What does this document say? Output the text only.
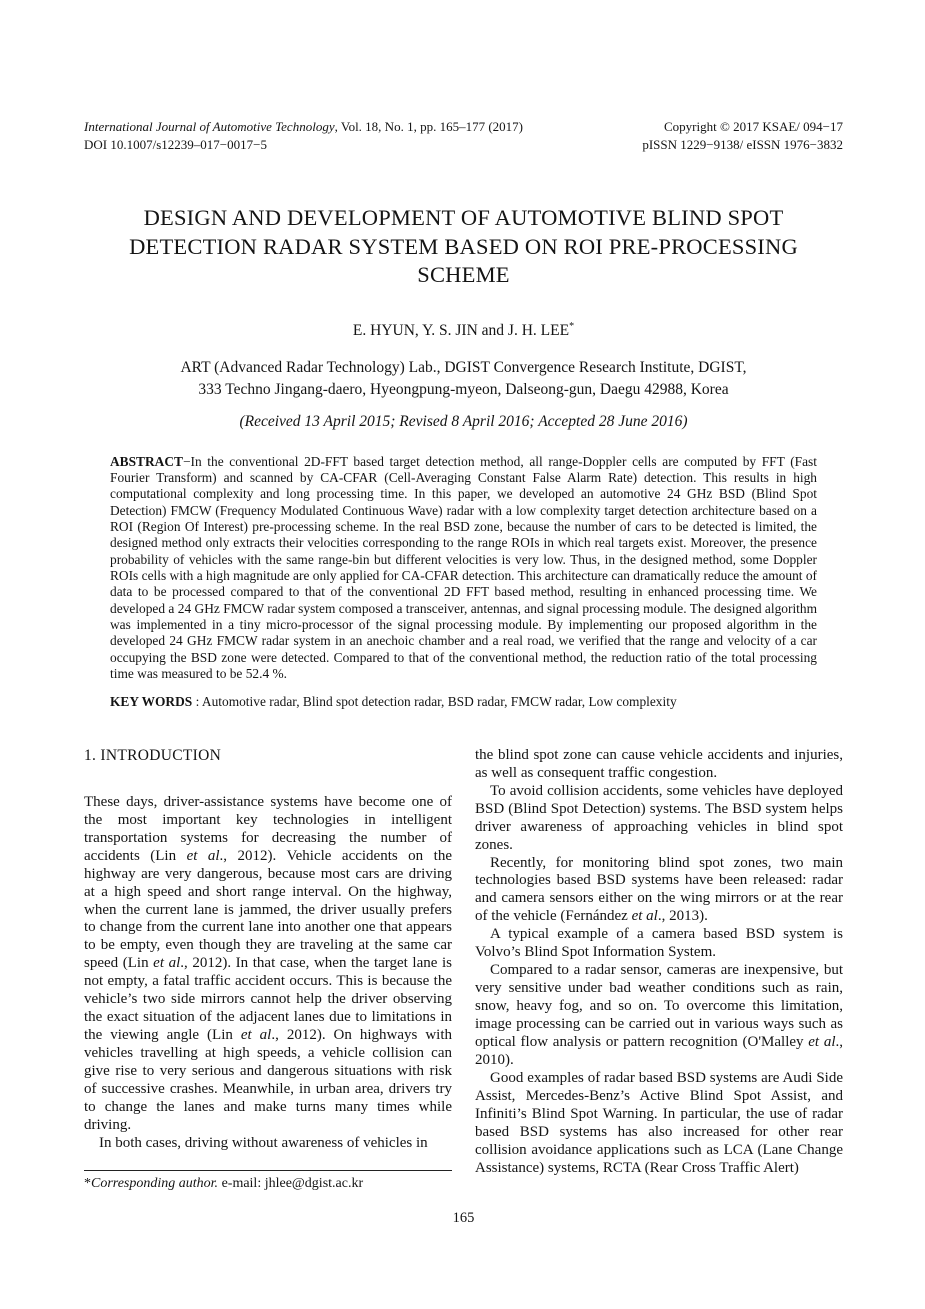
International Journal of Automotive Technology, Vol. 18, No. 1, pp. 165–177 (2017)
DOI 10.1007/s12239–017−0017−5
Copyright © 2017 KSAE/ 094−17
pISSN 1229−9138/ eISSN 1976−3832
DESIGN AND DEVELOPMENT OF AUTOMOTIVE BLIND SPOT DETECTION RADAR SYSTEM BASED ON ROI PRE-PROCESSING SCHEME
E. HYUN, Y. S. JIN and J. H. LEE*
ART (Advanced Radar Technology) Lab., DGIST Convergence Research Institute, DGIST,
333 Techno Jingang-daero, Hyeongpung-myeon, Dalseong-gun, Daegu 42988, Korea
(Received 13 April 2015; Revised 8 April 2016; Accepted 28 June 2016)
ABSTRACT−In the conventional 2D-FFT based target detection method, all range-Doppler cells are computed by FFT (Fast Fourier Transform) and scanned by CA-CFAR (Cell-Averaging Constant False Alarm Rate) detection. This results in high computational complexity and long processing time. In this paper, we developed an automotive 24 GHz BSD (Blind Spot Detection) FMCW (Frequency Modulated Continuous Wave) radar with a low complexity target detection architecture based on a ROI (Region Of Interest) pre-processing scheme. In the real BSD zone, because the number of cars to be detected is limited, the designed method only extracts their velocities corresponding to the range ROIs in which real targets exist. Moreover, the presence probability of vehicles with the same range-bin but different velocities is very low. Thus, in the designed method, some Doppler ROIs cells with a high magnitude are only applied for CA-CFAR detection. This architecture can dramatically reduce the amount of data to be processed compared to that of the conventional 2D FFT based method, resulting in enhanced processing time. We developed a 24 GHz FMCW radar system composed a transceiver, antennas, and signal processing module. The designed algorithm was implemented in a tiny micro-processor of the signal processing module. By implementing our proposed algorithm in the developed 24 GHz FMCW radar system in an anechoic chamber and a real road, we verified that the range and velocity of a car occupying the BSD zone were detected. Compared to that of the conventional method, the reduction ratio of the total processing time was measured to be 52.4 %.
KEY WORDS : Automotive radar, Blind spot detection radar, BSD radar, FMCW radar, Low complexity
1. INTRODUCTION

These days, driver-assistance systems have become one of the most important key technologies in intelligent transportation systems for decreasing the number of accidents (Lin et al., 2012). Vehicle accidents on the highway are very dangerous, because most cars are driving at a high speed and short range interval. On the highway, when the current lane is jammed, the driver usually prefers to change from the current lane into another one that appears to be empty, even though they are traveling at the same car speed (Lin et al., 2012). In that case, when the target lane is not empty, a fatal traffic accident occurs. This is because the vehicle’s two side mirrors cannot help the driver observing the exact situation of the adjacent lanes due to limitations in the viewing angle (Lin et al., 2012). On highways with vehicles travelling at high speeds, a vehicle collision can give rise to very serious and dangerous situations with risk of successive crashes. Meanwhile, in urban area, drivers try to change the lanes and make turns many times while driving.

In both cases, driving without awareness of vehicles in

*Corresponding author. e-mail: jhlee@dgist.ac.kr

the blind spot zone can cause vehicle accidents and injuries, as well as consequent traffic congestion.

To avoid collision accidents, some vehicles have deployed BSD (Blind Spot Detection) systems. The BSD system helps driver awareness of approaching vehicles in blind spot zones.

Recently, for monitoring blind spot zones, two main technologies based BSD systems have been released: radar and camera sensors either on the wing mirrors or at the rear of the vehicle (Fernández et al., 2013).

A typical example of a camera based BSD system is Volvo’s Blind Spot Information System.

Compared to a radar sensor, cameras are inexpensive, but very sensitive under bad weather conditions such as rain, snow, heavy fog, and so on. To overcome this limitation, image processing can be carried out in various ways such as optical flow analysis or pattern recognition (O'Malley et al., 2010).

Good examples of radar based BSD systems are Audi Side Assist, Mercedes-Benz’s Active Blind Spot Assist, and Infiniti’s Blind Spot Warning. In particular, the use of radar based BSD systems has also increased for other rear collision avoidance applications such as LCA (Lane Change Assistance) systems, RCTA (Rear Cross Traffic Alert)

165
